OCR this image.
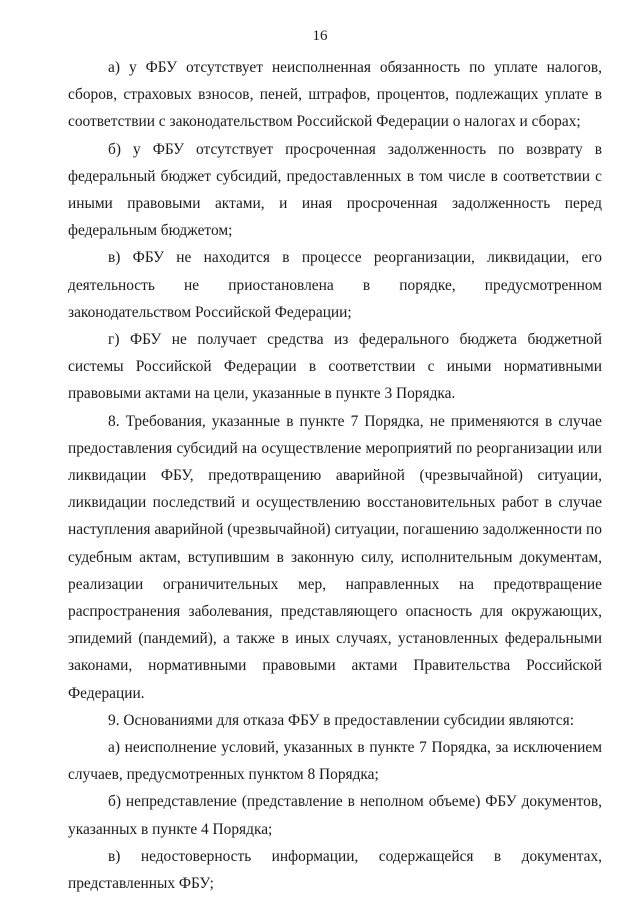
16

а) у ФБУ отсутствует неисполненная обязанность по уплате налогов, сборов, страховых взносов, пеней, штрафов, процентов, подлежащих уплате в соответствии с законодательством Российской Федерации о налогах и сборах;

б) у ФБУ отсутствует просроченная задолженность по возврату в федеральный бюджет субсидий, предоставленных в том числе в соответствии с иными правовыми актами, и иная просроченная задолженность перед федеральным бюджетом;

в) ФБУ не находится в процессе реорганизации, ликвидации, его деятельность не приостановлена в порядке, предусмотренном законодательством Российской Федерации;

г) ФБУ не получает средства из федерального бюджета бюджетной системы Российской Федерации в соответствии с иными нормативными правовыми актами на цели, указанные в пункте 3 Порядка.

8. Требования, указанные в пункте 7 Порядка, не применяются в случае предоставления субсидий на осуществление мероприятий по реорганизации или ликвидации ФБУ, предотвращению аварийной (чрезвычайной) ситуации, ликвидации последствий и осуществлению восстановительных работ в случае наступления аварийной (чрезвычайной) ситуации, погашению задолженности по судебным актам, вступившим в законную силу, исполнительным документам, реализации ограничительных мер, направленных на предотвращение распространения заболевания, представляющего опасность для окружающих, эпидемий (пандемий), а также в иных случаях, установленных федеральными законами, нормативными правовыми актами Правительства Российской Федерации.

9. Основаниями для отказа ФБУ в предоставлении субсидии являются:

а) неисполнение условий, указанных в пункте 7 Порядка, за исключением случаев, предусмотренных пунктом 8 Порядка;

б) непредставление (представление в неполном объеме) ФБУ документов, указанных в пункте 4 Порядка;

в) недостоверность информации, содержащейся в документах, представленных ФБУ;
